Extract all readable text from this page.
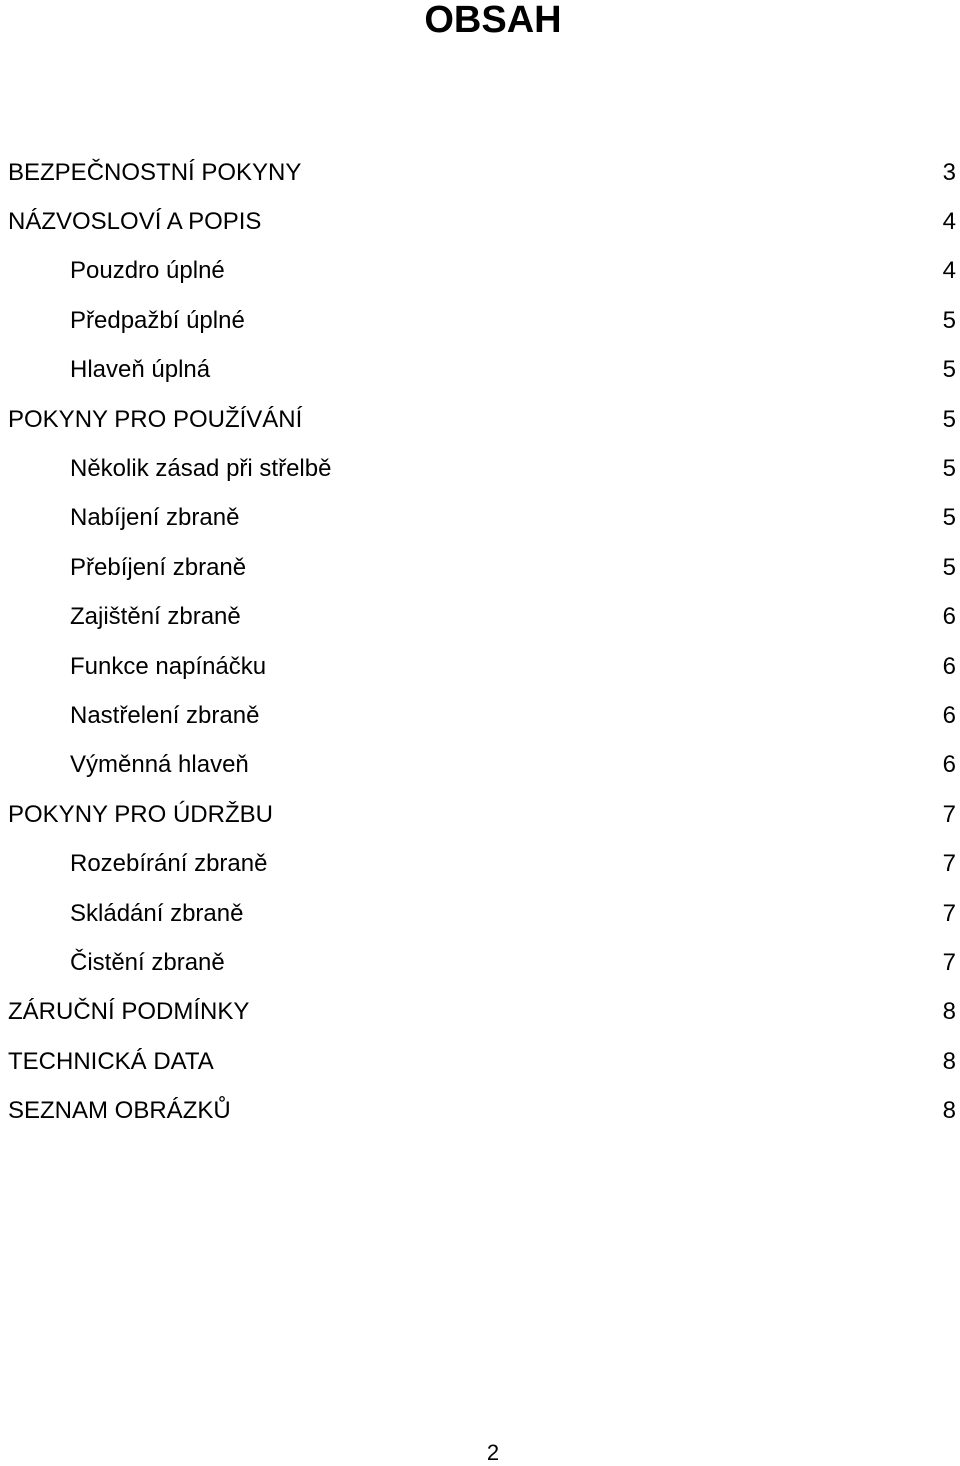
OBSAH
BEZPEČNOSTNÍ POKYNY	3
NÁZVOSLOVÍ A POPIS	4
Pouzdro úplné	4
Předpažbí úplné	5
Hlaveň úplná	5
POKYNY PRO POUŽÍVÁNÍ	5
Několik zásad při střelbě	5
Nabíjení zbraně	5
Přebíjení zbraně	5
Zajištění zbraně	6
Funkce napínáčku	6
Nastřelení zbraně	6
Výměnná hlaveň	6
POKYNY PRO ÚDRŽBU	7
Rozebírání zbraně	7
Skládání zbraně	7
Čistění zbraně	7
ZÁRUČNÍ PODMÍNKY	8
TECHNICKÁ DATA	8
SEZNAM OBRÁZKŮ	8
2
